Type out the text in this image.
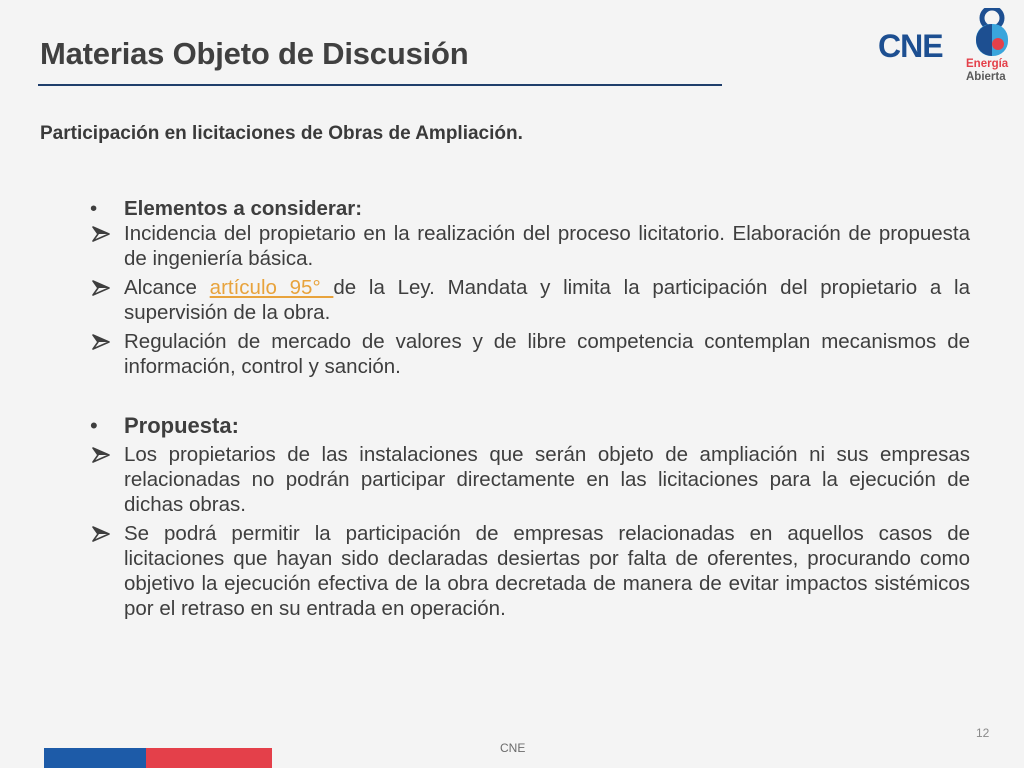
Materias Objeto de Discusión	CNE	Energía
Abierta
Participación en licitaciones de Obras de Ampliación.
• Elementos a considerar:
Incidencia del propietario en la realización del proceso licitatorio. Elaboración de propuesta de ingeniería básica.
Alcance artículo 95° de la Ley. Mandata y limita la participación del propietario a la supervisión de la obra.
Regulación de mercado de valores y de libre competencia contemplan mecanismos de información, control y sanción.
• Propuesta:
Los propietarios de las instalaciones que serán objeto de ampliación ni sus empresas relacionadas no podrán participar directamente en las licitaciones para la ejecución de dichas obras.
Se podrá permitir la participación de empresas relacionadas en aquellos casos de licitaciones que hayan sido declaradas desiertas por falta de oferentes, procurando como objetivo la ejecución efectiva de la obra decretada de manera de evitar impactos sistémicos por el retraso en su entrada en operación.
12
CNE
